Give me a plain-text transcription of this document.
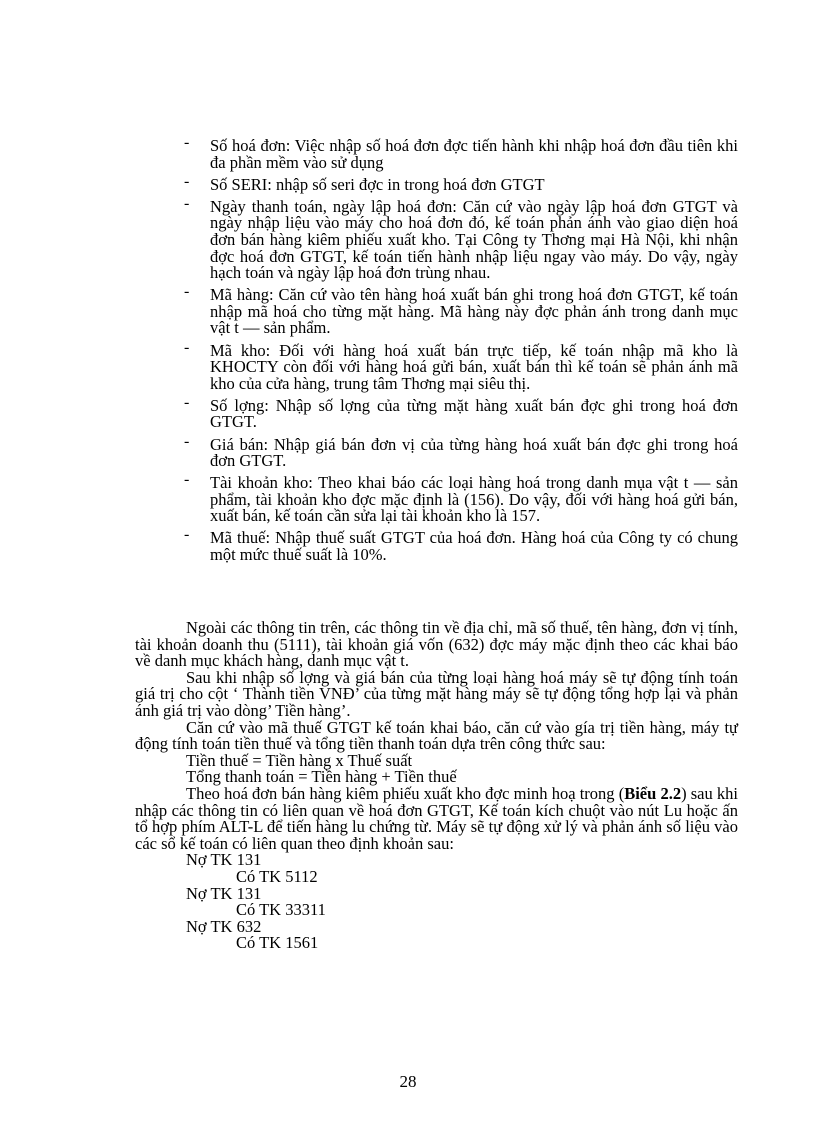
- Số hoá đơn: Việc nhập số hoá đơn đợc tiến hành khi nhập hoá đơn đầu tiên khi đa phần mềm vào sử dụng
- Số SERI: nhập số seri đợc in trong hoá đơn GTGT
- Ngày thanh toán, ngày lập hoá đơn: Căn cứ vào ngày lập hoá đơn GTGT và ngày nhập liệu vào máy cho hoá đơn đó, kế toán phản ánh vào giao diện hoá đơn bán hàng kiêm phiếu xuất kho. Tại Công ty Thơng mại Hà Nội, khi nhận đợc hoá đơn GTGT, kế toán tiến hành nhập liệu ngay vào máy. Do vậy, ngày hạch toán và ngày lập hoá đơn trùng nhau.
- Mã hàng: Căn cứ vào tên hàng hoá xuất bán ghi trong hoá đơn GTGT, kế toán nhập mã hoá cho từng mặt hàng. Mã hàng này đợc phản ánh trong danh mục vật t — sản phẩm.
- Mã kho: Đối với hàng hoá xuất bán trực tiếp, kế toán nhập mã kho là KHOCTY còn đối với hàng hoá gửi bán, xuất bán thì kế toán sẽ phản ánh mã kho của cửa hàng, trung tâm Thơng mại siêu thị.
- Số lợng: Nhập số lợng của từng mặt hàng xuất bán đợc ghi trong hoá đơn GTGT.
- Giá bán: Nhập giá bán đơn vị của từng hàng hoá xuất bán đợc ghi trong hoá đơn GTGT.
- Tài khoản kho: Theo khai báo các loại hàng hoá trong danh mụa vật t — sản phẩm, tài khoản kho đợc mặc định là (156). Do vậy, đối với hàng hoá gửi bán, xuất bán, kế toán cần sửa lại tài khoản kho là 157.
- Mã thuế: Nhập thuế suất GTGT của hoá đơn. Hàng hoá của Công ty có chung một mức thuế suất là 10%.

Ngoài các thông tin trên, các thông tin về địa chỉ, mã số thuế, tên hàng, đơn vị tính, tài khoản doanh thu (5111), tài khoản giá vốn (632) đợc máy mặc định theo các khai báo về danh mục khách hàng, danh mục vật t.

Sau khi nhập số lợng và giá bán của từng loại hàng hoá máy sẽ tự động tính toán giá trị cho cột ‘ Thành tiền VNĐ’ của từng mặt hàng máy sẽ tự động tổng hợp lại và phản ánh giá trị vào dòng’ Tiền hàng’.

Căn cứ vào mã thuế GTGT kế toán khai báo, căn cứ vào gía trị tiền hàng, máy tự động tính toán tiền thuế và tổng tiền thanh toán dựa trên công thức sau:

Tiền thuế = Tiền hàng x Thuế suất

Tổng thanh toán = Tiền hàng + Tiền thuế

Theo hoá đơn bán hàng kiêm phiếu xuất kho đợc minh hoạ trong (Biểu 2.2) sau khi nhập các thông tin có liên quan về hoá đơn GTGT, Kế toán kích chuột vào nút Lu hoặc ấn tổ hợp phím ALT-L để tiến hàng lu chứng từ. Máy sẽ tự động xử lý và phản ánh số liệu vào các sổ kế toán có liên quan theo định khoản sau:

Nợ TK 131

Có TK 5112

Nợ TK 131

Có TK 33311

Nợ TK 632

Có TK 1561

28
